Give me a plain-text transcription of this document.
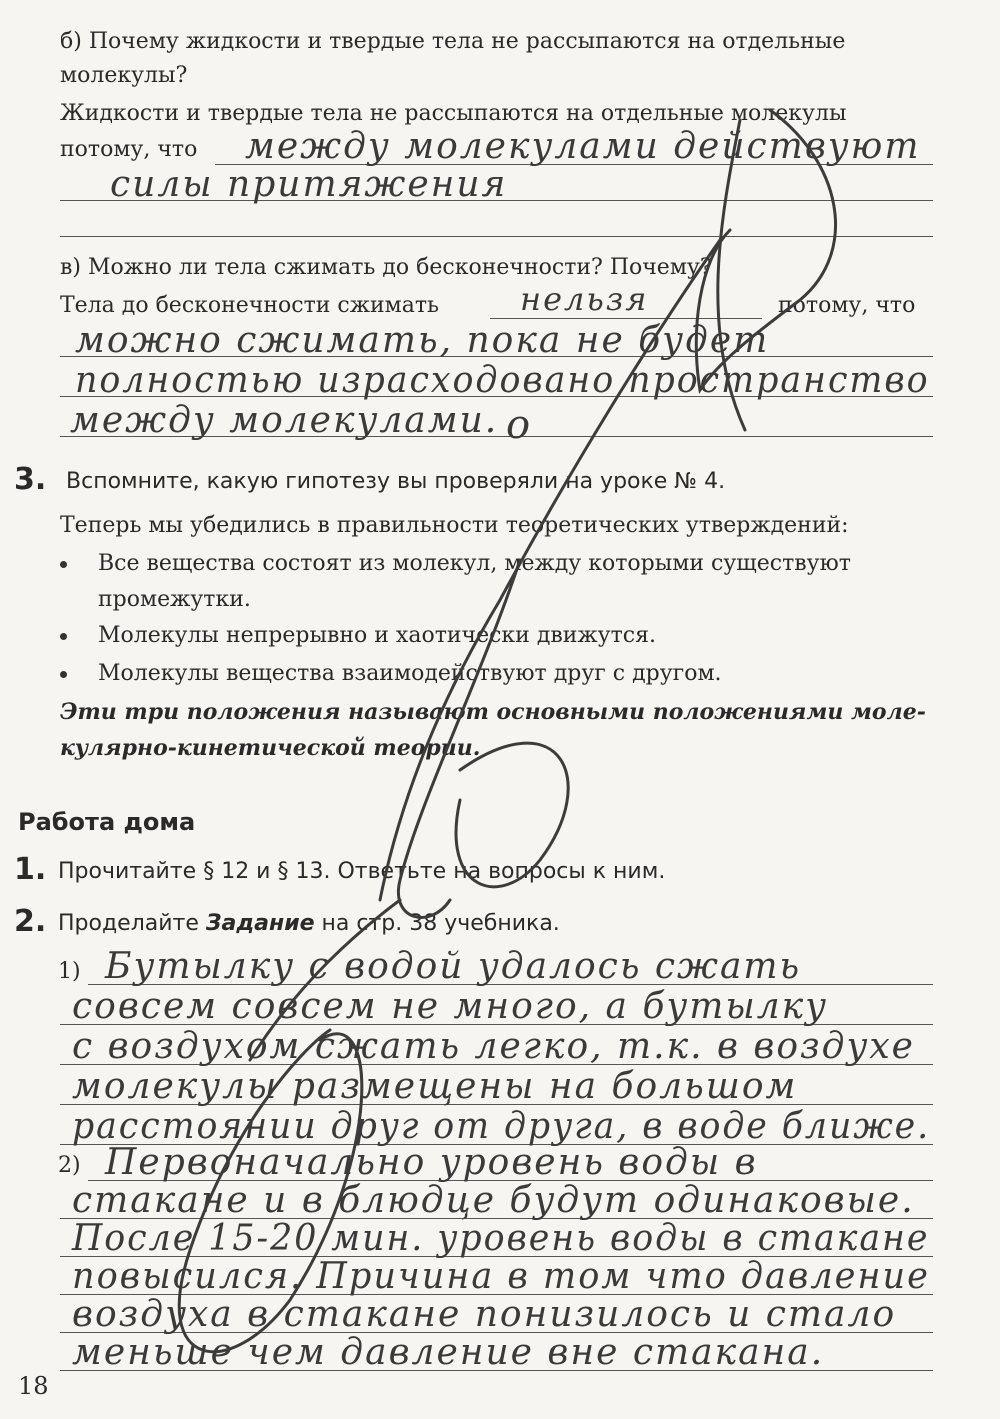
б) Почему жидкости и твердые тела не рассыпаются на отдельные
молекулы?
Жидкости и твердые тела не рассыпаются на отдельные молекулы
потому, что между молекулами действуют
силы притяжения
в) Можно ли тела сжимать до бесконечности? Почему?
Тела до бесконечности сжимать	нельзя	потому, что
можно сжимать, пока не будет
полностью израсходовано пространство
между молекулами. o
3. Вспомните, какую гипотезу вы проверяли на уроке № 4.
Теперь мы убедились в правильности теоретических утверждений:
Все вещества состоят из молекул, между которыми существуют
промежутки.
Молекулы непрерывно и хаотически движутся.
Молекулы вещества взаимодействуют друг с другом.
Эти три положения называют основными положениями моле-
кулярно-кинетической теории.
Работа дома
1. Прочитайте § 12 и § 13. Ответьте на вопросы к ним.
2. Проделайте Задание на стр. 38 учебника.
1) Бутылку с водой удалось сжать
совсем совсем не много, а бутылку
с воздухом сжать легко, т.к. в воздухе
молекулы размещены на большом
расстоянии друг от друга, в воде ближе.
2) Первоначально уровень воды в
стакане и в блюдце будут одинаковые.
После 15-20 мин. уровень воды в стакане
повысился. Причина в том что давление
воздуха в стакане понизилось и стало
меньше чем давление вне стакана.
18
